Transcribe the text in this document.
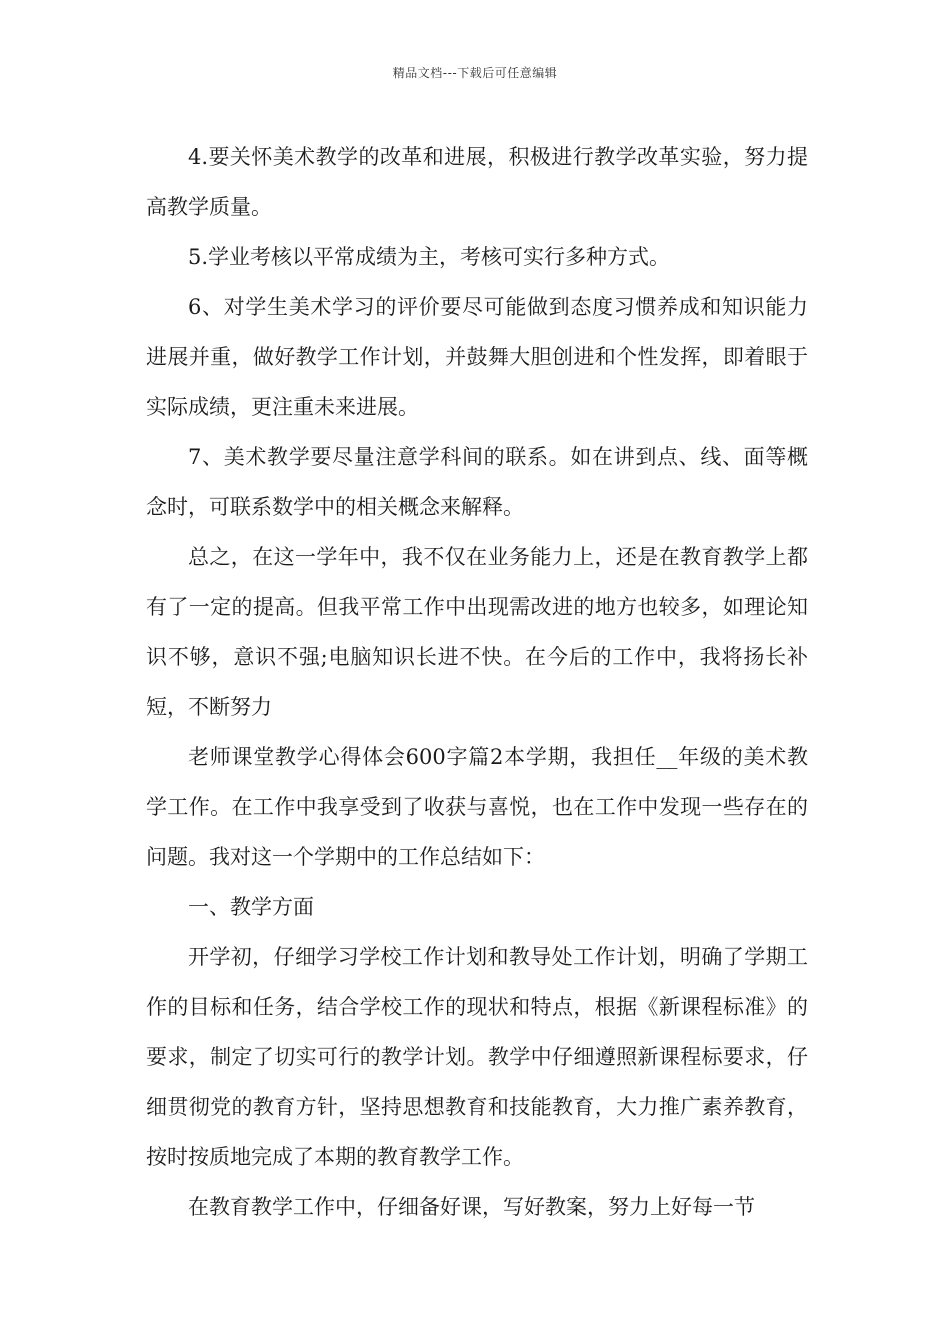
精品文档---下载后可任意编辑

4.要关怀美术教学的改革和进展，积极进行教学改革实验，努力提高教学质量。

5.学业考核以平常成绩为主，考核可实行多种方式。

6、对学生美术学习的评价要尽可能做到态度习惯养成和知识能力进展并重，做好教学工作计划，并鼓舞大胆创进和个性发挥，即着眼于实际成绩，更注重未来进展。

7、美术教学要尽量注意学科间的联系。如在讲到点、线、面等概念时，可联系数学中的相关概念来解释。

总之，在这一学年中，我不仅在业务能力上，还是在教育教学上都有了一定的提高。但我平常工作中出现需改进的地方也较多，如理论知识不够，意识不强;电脑知识长进不快。在今后的工作中，我将扬长补短，不断努力

老师课堂教学心得体会600字篇2本学期，我担任__年级的美术教学工作。在工作中我享受到了收获与喜悦，也在工作中发现一些存在的问题。我对这一个学期中的工作总结如下：

一、教学方面

开学初，仔细学习学校工作计划和教导处工作计划，明确了学期工作的目标和任务，结合学校工作的现状和特点，根据《新课程标准》的要求，制定了切实可行的教学计划。教学中仔细遵照新课程标要求，仔细贯彻党的教育方针，坚持思想教育和技能教育，大力推广素养教育，按时按质地完成了本期的教育教学工作。

在教育教学工作中，仔细备好课，写好教案，努力上好每一节
